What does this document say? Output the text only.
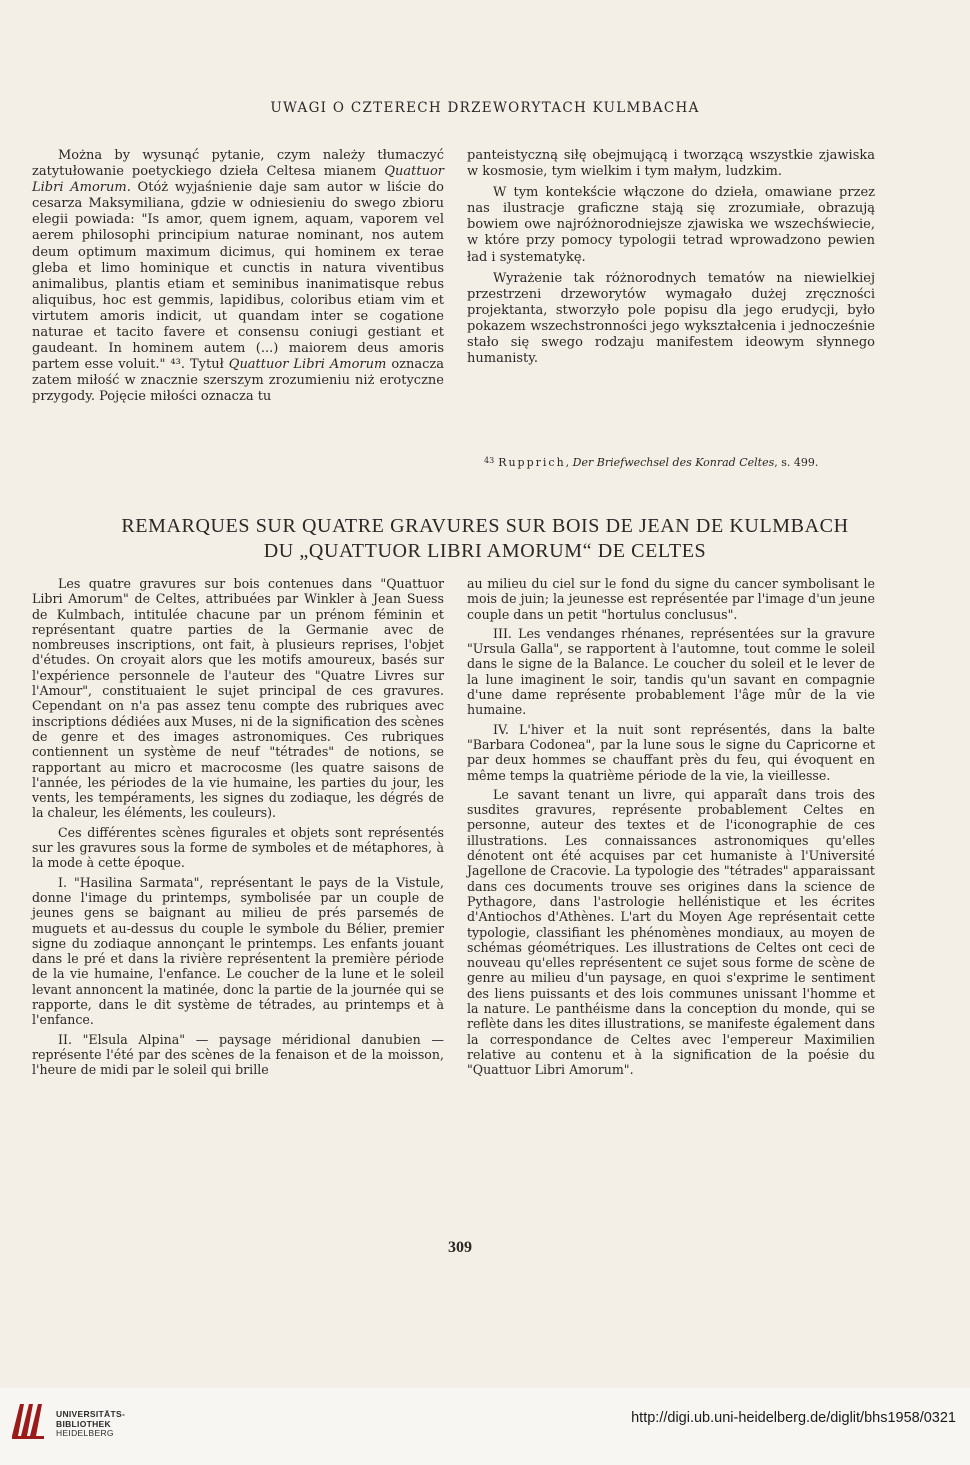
UWAGI O CZTERECH DRZEWORYTACH KULMBACHA

Można by wysunąć pytanie, czym należy tłumaczyć zatytułowanie poetyckiego dzieła Celtesa mianem Quattuor Libri Amorum. Otóż wyjaśnienie daje sam autor w liście do cesarza Maksymiliana, gdzie w odniesieniu do swego zbioru elegii powiada: "Is amor, quem ignem, aquam, vaporem vel aerem philosophi principium naturae nominant, nos autem deum optimum maximum dicimus, qui hominem ex terae gleba et limo hominique et cunctis in natura viventibus animalibus, plantis etiam et seminibus inanimatisque rebus aliquibus, hoc est gemmis, lapidibus, coloribus etiam vim et virtutem amoris indicit, ut quandam inter se cogatione naturae et tacito favere et consensu coniugi gestiant et gaudeant. In hominem autem (...) maiorem deus amoris partem esse voluit." ⁴³. Tytuł Quattuor Libri Amorum oznacza zatem miłość w znacznie szerszym zrozumieniu niż erotyczne przygody. Pojęcie miłości oznacza tu

panteistyczną siłę obejmującą i tworzącą wszystkie zjawiska w kosmosie, tym wielkim i tym małym, ludzkim.

W tym kontekście włączone do dzieła, omawiane przez nas ilustracje graficzne stają się zrozumiałe, obrazują bowiem owe najróżnorodniejsze zjawiska we wszechświecie, w które przy pomocy typologii tetrad wprowadzono pewien ład i systematykę.

Wyrażenie tak różnorodnych tematów na niewielkiej przestrzeni drzeworytów wymagało dużej zręczności projektanta, stworzyło pole popisu dla jego erudycji, było pokazem wszechstronności jego wykształcenia i jednocześnie stało się swego rodzaju manifestem ideowym słynnego humanisty.

$^{43}$ Rupprich, Der Briefwechsel des Konrad Celtes, s. 499.
REMARQUES SUR QUATRE GRAVURES SUR BOIS DE JEAN DE KULMBACH
DU „QUATTUOR LIBRI AMORUM“ DE CELTES

Les quatre gravures sur bois contenues dans "Quattuor Libri Amorum" de Celtes, attribuées par Winkler à Jean Suess de Kulmbach, intitulée chacune par un prénom féminin et représentant quatre parties de la Germanie avec de nombreuses inscriptions, ont fait, à plusieurs reprises, l'objet d'études. On croyait alors que les motifs amoureux, basés sur l'expérience personnele de l'auteur des "Quatre Livres sur l'Amour", constituaient le sujet principal de ces gravures. Cependant on n'a pas assez tenu compte des rubriques avec inscriptions dédiées aux Muses, ni de la signification des scènes de genre et des images astronomiques. Ces rubriques contiennent un système de neuf "tétrades" de notions, se rapportant au micro et macrocosme (les quatre saisons de l'année, les périodes de la vie humaine, les parties du jour, les vents, les tempéraments, les signes du zodiaque, les dégrés de la chaleur, les éléments, les couleurs).

Ces différentes scènes figurales et objets sont représentés sur les gravures sous la forme de symboles et de métaphores, à la mode à cette époque.

I. "Hasilina Sarmata", représentant le pays de la Vistule, donne l'image du printemps, symbolisée par un couple de jeunes gens se baignant au milieu de prés parsemés de muguets et au-dessus du couple le symbole du Bélier, premier signe du zodiaque annonçant le printemps. Les enfants jouant dans le pré et dans la rivière représentent la première période de la vie humaine, l'enfance. Le coucher de la lune et le soleil levant annoncent la matinée, donc la partie de la journée qui se rapporte, dans le dit système de tétrades, au printemps et à l'enfance.

II. "Elsula Alpina" — paysage méridional danubien — représente l'été par des scènes de la fenaison et de la moisson, l'heure de midi par le soleil qui brille

au milieu du ciel sur le fond du signe du cancer symbolisant le mois de juin; la jeunesse est représentée par l'image d'un jeune couple dans un petit "hortulus conclusus".

III. Les vendanges rhénanes, représentées sur la gravure "Ursula Galla", se rapportent à l'automne, tout comme le soleil dans le signe de la Balance. Le coucher du soleil et le lever de la lune imaginent le soir, tandis qu'un savant en compagnie d'une dame représente probablement l'âge mûr de la vie humaine.

IV. L'hiver et la nuit sont représentés, dans la balte "Barbara Codonea", par la lune sous le signe du Capricorne et par deux hommes se chauffant près du feu, qui évoquent en même temps la quatrième période de la vie, la vieillesse.

Le savant tenant un livre, qui apparaît dans trois des susdites gravures, représente probablement Celtes en personne, auteur des textes et de l'iconographie de ces illustrations. Les connaissances astronomiques qu'elles dénotent ont été acquises par cet humaniste à l'Université Jagellone de Cracovie. La typologie des "tétrades" apparaissant dans ces documents trouve ses origines dans la science de Pythagore, dans l'astrologie hellénistique et les écrites d'Antiochos d'Athènes. L'art du Moyen Age représentait cette typologie, classifiant les phénomènes mondiaux, au moyen de schémas géométriques. Les illustrations de Celtes ont ceci de nouveau qu'elles représentent ce sujet sous forme de scène de genre au milieu d'un paysage, en quoi s'exprime le sentiment des liens puissants et des lois communes unissant l'homme et la nature. Le panthéisme dans la conception du monde, qui se reflète dans les dites illustrations, se manifeste également dans la correspondance de Celtes avec l'empereur Maximilien relative au contenu et à la signification de la poésie du "Quattuor Libri Amorum".

309
UNIVERSITÄTS-
BIBLIOTHEK
HEIDELBERG
http://digi.ub.uni-heidelberg.de/diglit/bhs1958/0321
